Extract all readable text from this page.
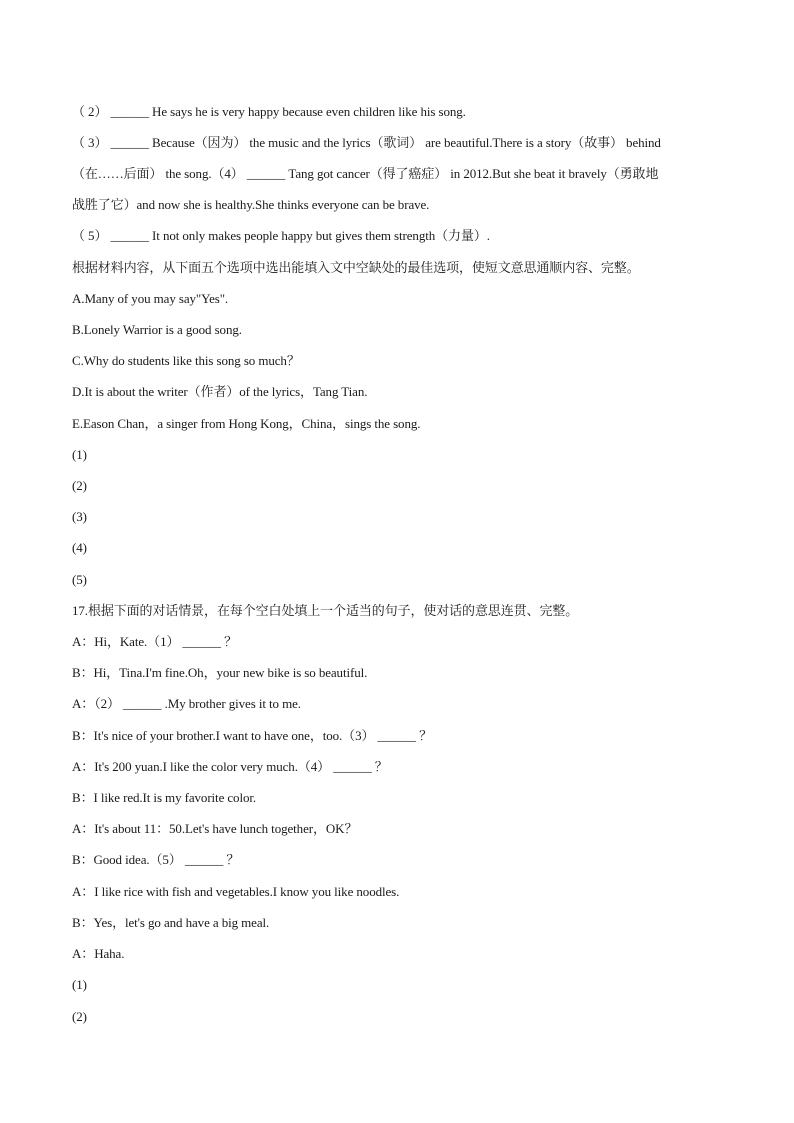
（ 2） ______ He says he is very happy because even children like his song.
（ 3） ______ Because（因为） the music and the lyrics（歌词） are beautiful.There is a story（故事） behind
（在……后面） the song.（4） ______ Tang got cancer（得了癌症） in 2012.But she beat it bravely（勇敢地
战胜了它）and now she is healthy.She thinks everyone can be brave.
（ 5） ______ It not only makes people happy but gives them strength（力量）.
根据材料内容，从下面五个选项中选出能填入文中空缺处的最佳选项，使短文意思通顺内容、完整。
A.Many of you may say"Yes".
B.Lonely Warrior is a good song.
C.Why do students like this song so much？
D.It is about the writer（作者）of the lyrics，Tang Tian.
E.Eason Chan，a singer from Hong Kong，China，sings the song.
(1)
(2)
(3)
(4)
(5)
17.根据下面的对话情景，在每个空白处填上一个适当的句子，使对话的意思连贯、完整。
A：Hi，Kate.（1） ______ ？
B：Hi，Tina.I'm fine.Oh，your new bike is so beautiful.
A：（2） ______ .My brother gives it to me.
B：It's nice of your brother.I want to have one，too.（3） ______ ？
A：It's 200 yuan.I like the color very much.（4） ______ ？
B：I like red.It is my favorite color.
A：It's about 11：50.Let's have lunch together，OK？
B：Good idea.（5） ______ ？
A：I like rice with fish and vegetables.I know you like noodles.
B：Yes，let's go and have a big meal.
A：Haha.
(1)
(2)
